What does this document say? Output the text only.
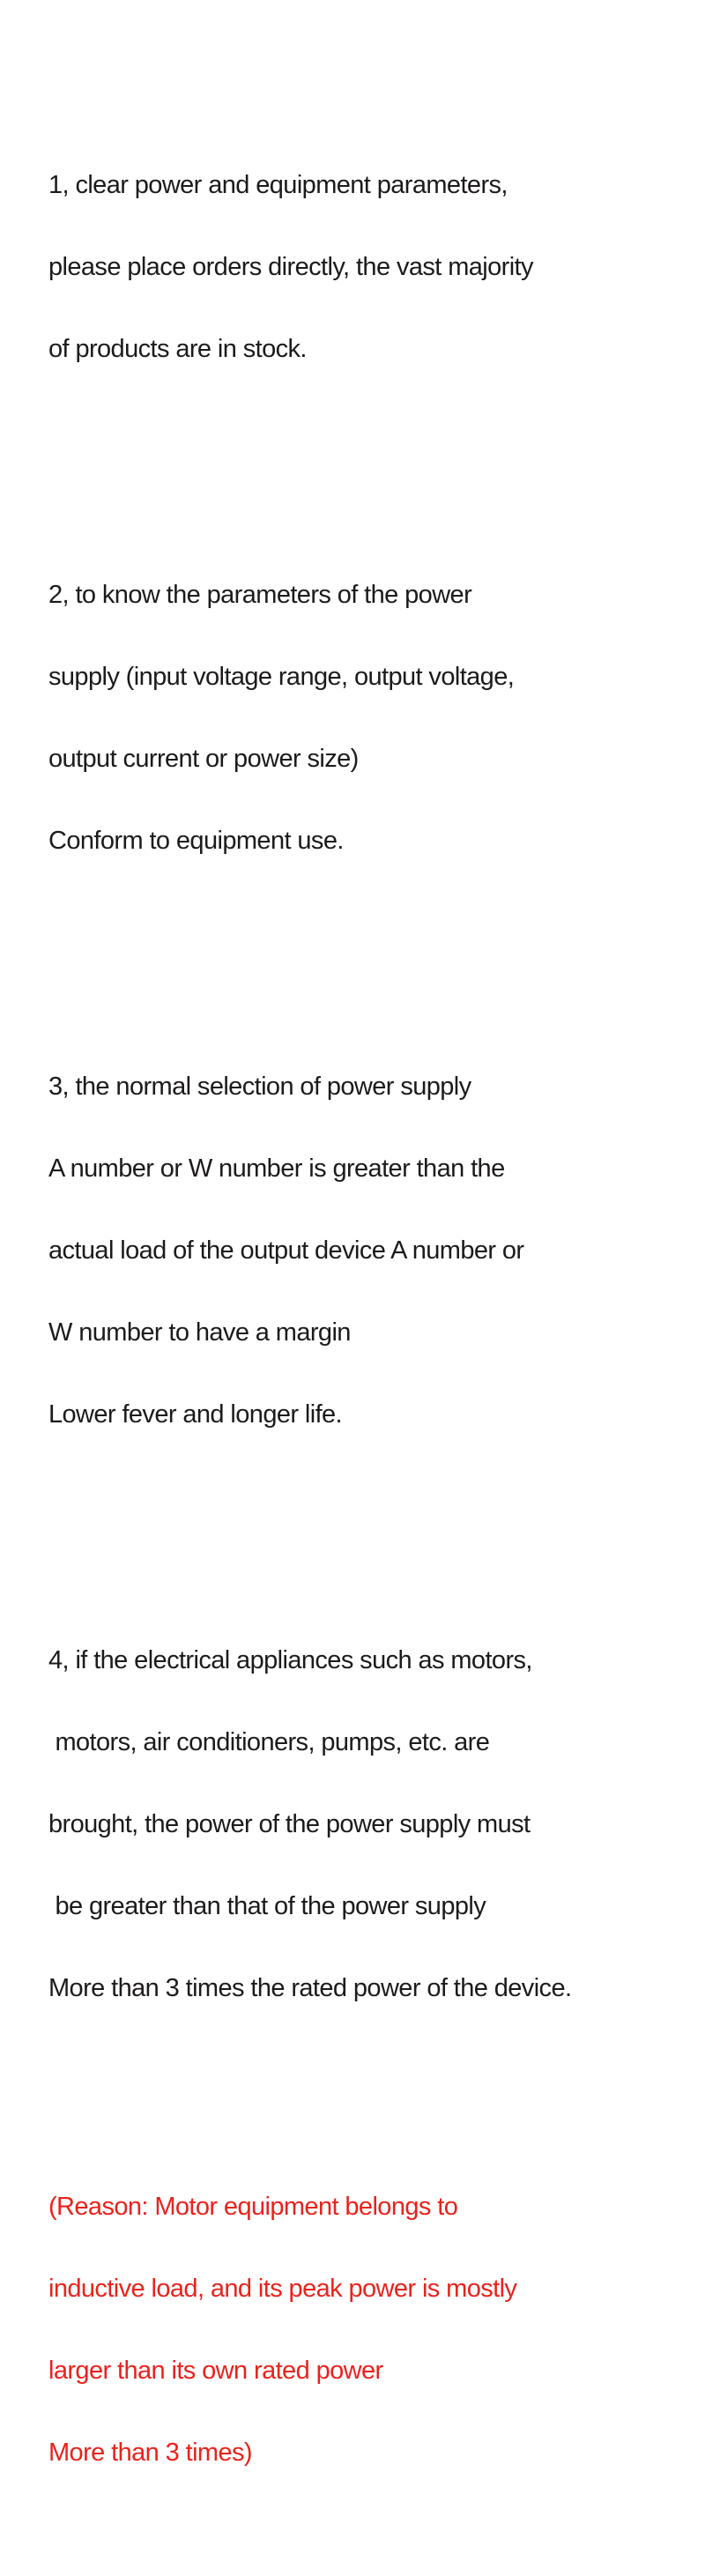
1, clear power and equipment parameters,

please place orders directly, the vast majority

of products are in stock.

2, to know the parameters of the power

supply (input voltage range, output voltage,

output current or power size)

Conform to equipment use.

3, the normal selection of power supply

A number or W number is greater than the

actual load of the output device A number or

W number to have a margin

Lower fever and longer life.

4, if the electrical appliances such as motors,

motors, air conditioners, pumps, etc. are

brought, the power of the power supply must

be greater than that of the power supply

More than 3 times the rated power of the device.

(Reason: Motor equipment belongs to

inductive load, and its peak power is mostly

larger than its own rated power

More than 3 times)
